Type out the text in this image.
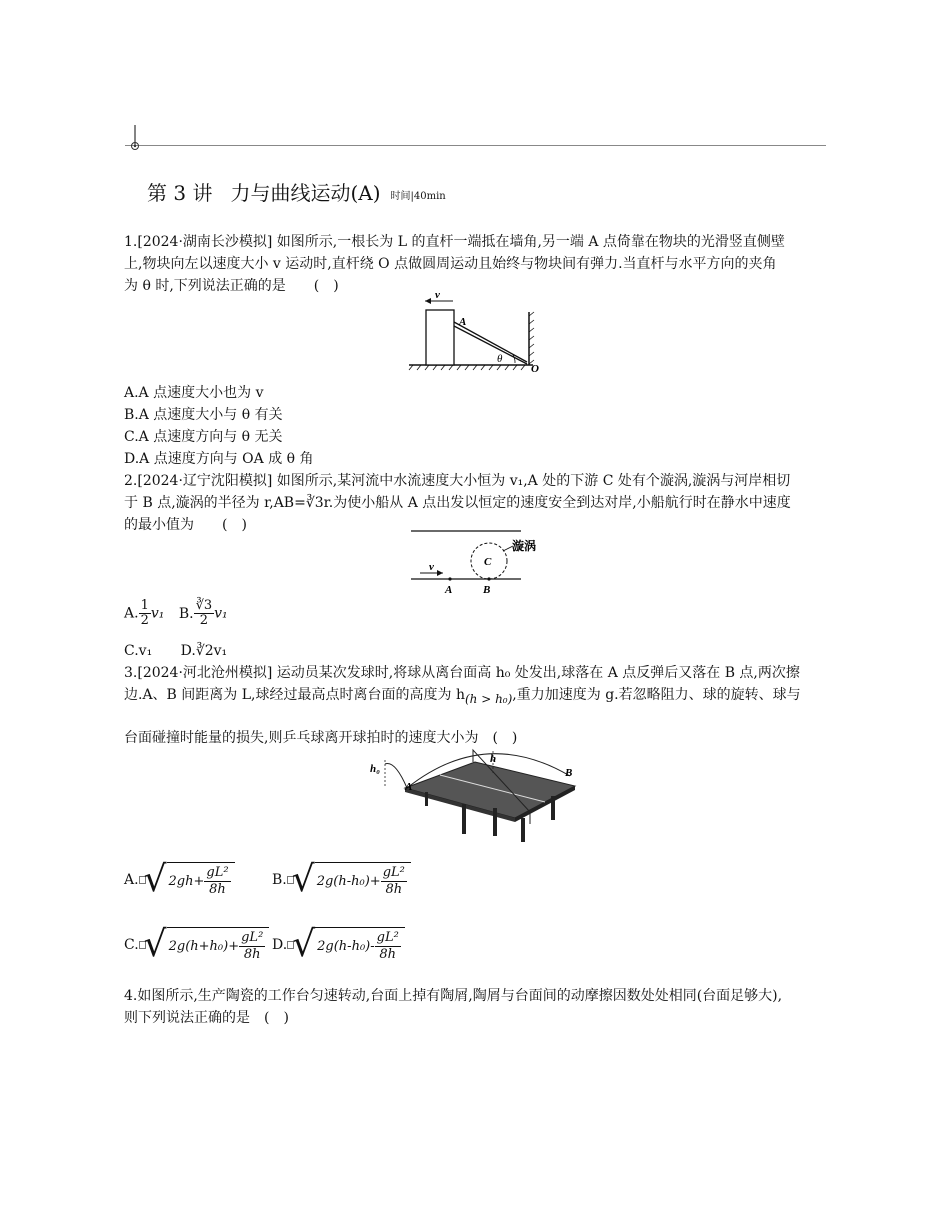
第 3 讲 力与曲线运动(A) 时间|40min
1.[2024·湖南长沙模拟] 如图所示,一根长为 L 的直杆一端抵在墙角,另一端 A 点倚靠在物块的光滑竖直侧壁
上,物块向左以速度大小 v 运动时,直杆绕 O 点做圆周运动且始终与物块间有弹力.当直杆与水平方向的夹角
为 θ 时,下列说法正确的是　　(　)
v
A
θ
O
A.A 点速度大小也为 v
B.A 点速度大小与 θ 有关
C.A 点速度方向与 θ 无关
D.A 点速度方向与 OA 成 θ 角
2.[2024·辽宁沈阳模拟] 如图所示,某河流中水流速度大小恒为 v₁,A 处的下游 C 处有个漩涡,漩涡与河岸相切
于 B 点,漩涡的半径为 r,AB=∛3r.为使小船从 A 点出发以恒定的速度安全到达对岸,小船航行时在静水中速度
的最小值为　　(　)
漩涡
C
v
A	B
A. $\frac{1}{2} v_1$ B. $\frac{∛3}{2} v_1$
C.v₁ D.∛2v₁
3.[2024·河北沧州模拟] 运动员某次发球时,将球从离台面高 h₀ 处发出,球落在 A 点反弹后又落在 B 点,两次擦
边.A、B 间距离为 L,球经过最高点时离台面的高度为 h(h > h₀),重力加速度为 g.若忽略阻力、球的旋转、球与
台面碰撞时能量的损失,则乒乓球离开球拍时的速度大小为　(　)
h₀
h
A
B
A. √ $2gh+ \frac{\text{gL²}}{8h}$	B. √ $2g(h-h_0)+ \frac{\text{gL²}}{8h}$
C. √ $2g(h+h_0)+ \frac{\text{gL²}}{8h} D$. √ 2g(h-h₀)-
gL²
8h
4.如图所示,生产陶瓷的工作台匀速转动,台面上掉有陶屑,陶屑与台面间的动摩擦因数处处相同(台面足够大),
则下列说法正确的是　(　)
